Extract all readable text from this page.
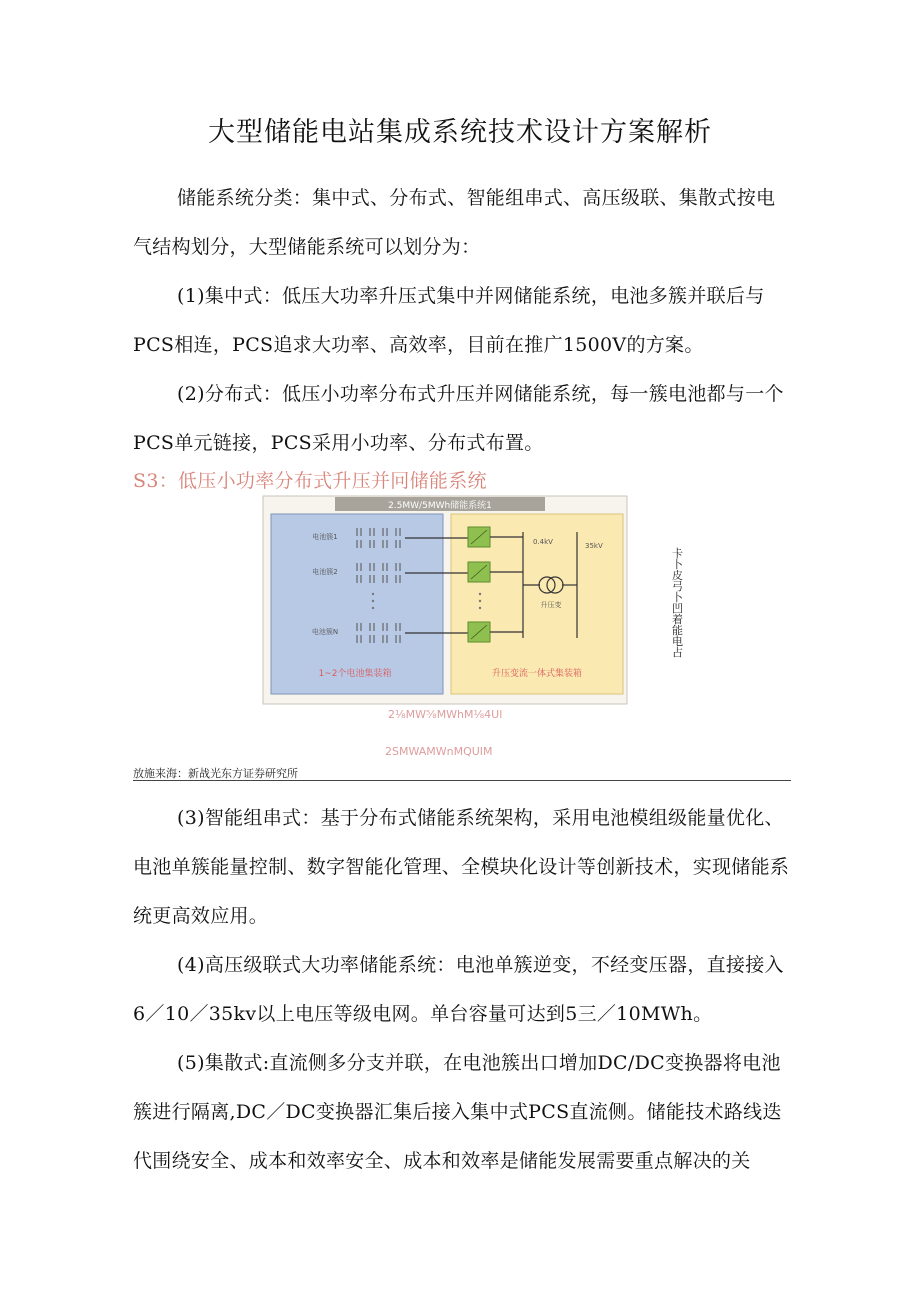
大型储能电站集成系统技术设计方案解析

储能系统分类：集中式、分布式、智能组串式、高压级联、集散式按电气结构划分，大型储能系统可以划分为：

(1)集中式：低压大功率升压式集中并网储能系统，电池多簇并联后与PCS相连，PCS追求大功率、高效率，目前在推广1500V的方案。

(2)分布式：低压小功率分布式升压并网储能系统，每一簇电池都与一个PCS单元链接，PCS采用小功率、分布式布置。

S3：低压小功率分布式升压并冋储能系统

2.5MW/5MWh储能系统1
电池簇1
电池簇2
电池簇N
0.4kV	35kV
升压变
1~2个电池集装箱	升压变流一体式集装箱
卡卜皮弓卜凹着能电占
2⅛MW⅝MWhM⅛4Ul
2SMWAMWnMQUIM
放施来海：新战光东方证券研究所

(3)智能组串式：基于分布式储能系统架构，采用电池模组级能量优化、电池单簇能量控制、数字智能化管理、全模块化设计等创新技术，实现储能系统更高效应用。

(4)高压级联式大功率储能系统：电池单簇逆变，不经变压器，直接接入6／10／35kv以上电压等级电网。单台容量可达到5三／10MWh。

(5)集散式:直流侧多分支并联，在电池簇出口增加DC/DC变换器将电池簇进行隔离,DC／DC变换器汇集后接入集中式PCS直流侧。储能技术路线迭代围绕安全、成本和效率安全、成本和效率是储能发展需要重点解决的关
